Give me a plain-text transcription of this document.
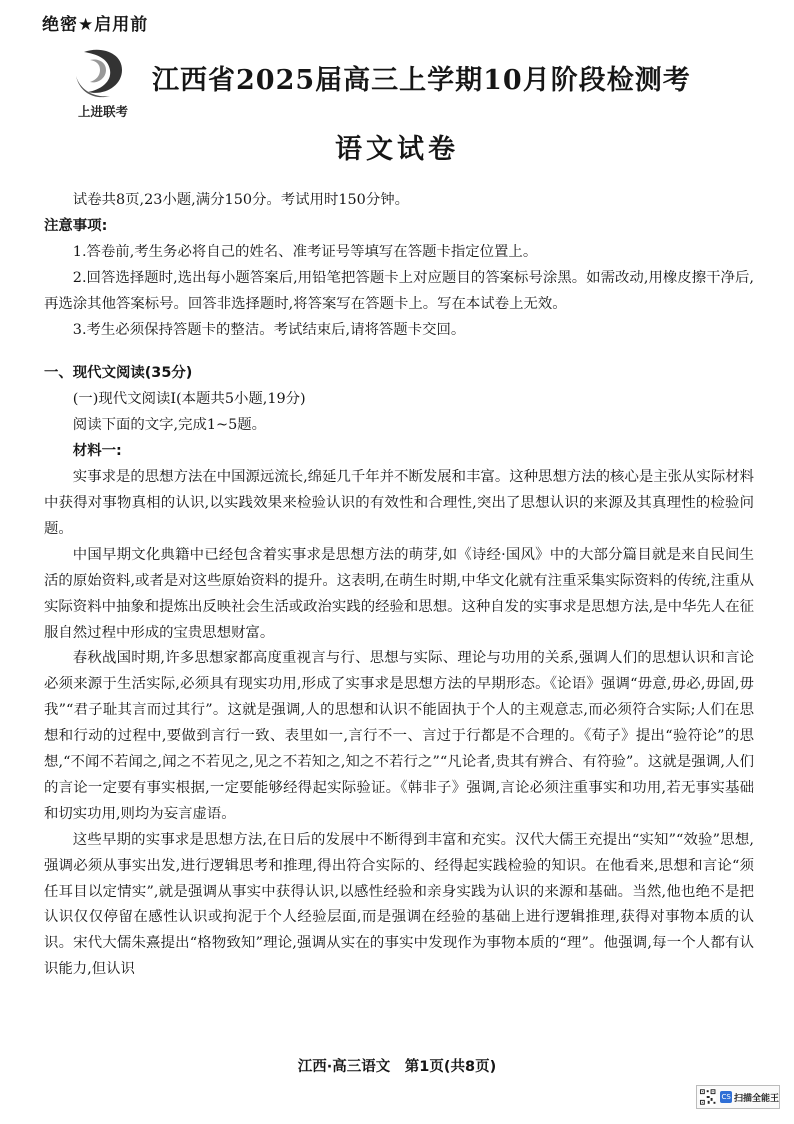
绝密★启用前
上进联考
江西省2025届高三上学期10月阶段检测考
语文试卷

试卷共8页,23小题,满分150分。考试用时150分钟。

注意事项:

1.答卷前,考生务必将自己的姓名、准考证号等填写在答题卡指定位置上。

2.回答选择题时,选出每小题答案后,用铅笔把答题卡上对应题目的答案标号涂黑。如需改动,用橡皮擦干净后,再选涂其他答案标号。回答非选择题时,将答案写在答题卡上。写在本试卷上无效。

3.考生必须保持答题卡的整洁。考试结束后,请将答题卡交回。

一、现代文阅读(35分)

(一)现代文阅读Ⅰ(本题共5小题,19分)

阅读下面的文字,完成1~5题。

材料一:

实事求是的思想方法在中国源远流长,绵延几千年并不断发展和丰富。这种思想方法的核心是主张从实际材料中获得对事物真相的认识,以实践效果来检验认识的有效性和合理性,突出了思想认识的来源及其真理性的检验问题。

中国早期文化典籍中已经包含着实事求是思想方法的萌芽,如《诗经·国风》中的大部分篇目就是来自民间生活的原始资料,或者是对这些原始资料的提升。这表明,在萌生时期,中华文化就有注重采集实际资料的传统,注重从实际资料中抽象和提炼出反映社会生活或政治实践的经验和思想。这种自发的实事求是思想方法,是中华先人在征服自然过程中形成的宝贵思想财富。

春秋战国时期,许多思想家都高度重视言与行、思想与实际、理论与功用的关系,强调人们的思想认识和言论必须来源于生活实际,必须具有现实功用,形成了实事求是思想方法的早期形态。《论语》强调“毋意,毋必,毋固,毋我”“君子耻其言而过其行”。这就是强调,人的思想和认识不能固执于个人的主观意志,而必须符合实际;人们在思想和行动的过程中,要做到言行一致、表里如一,言行不一、言过于行都是不合理的。《荀子》提出“验符论”的思想,“不闻不若闻之,闻之不若见之,见之不若知之,知之不若行之”“凡论者,贵其有辨合、有符验”。这就是强调,人们的言论一定要有事实根据,一定要能够经得起实际验证。《韩非子》强调,言论必须注重事实和功用,若无事实基础和切实功用,则均为妄言虚语。

这些早期的实事求是思想方法,在日后的发展中不断得到丰富和充实。汉代大儒王充提出“实知”“效验”思想,强调必须从事实出发,进行逻辑思考和推理,得出符合实际的、经得起实践检验的知识。在他看来,思想和言论“须任耳目以定情实”,就是强调从事实中获得认识,以感性经验和亲身实践为认识的来源和基础。当然,他也绝不是把认识仅仅停留在感性认识或拘泥于个人经验层面,而是强调在经验的基础上进行逻辑推理,获得对事物本质的认识。宋代大儒朱熹提出“格物致知”理论,强调从实在的事实中发现作为事物本质的“理”。他强调,每一个人都有认识能力,但认识

江西·高三语文　第1页(共8页)
CS 扫描全能王
